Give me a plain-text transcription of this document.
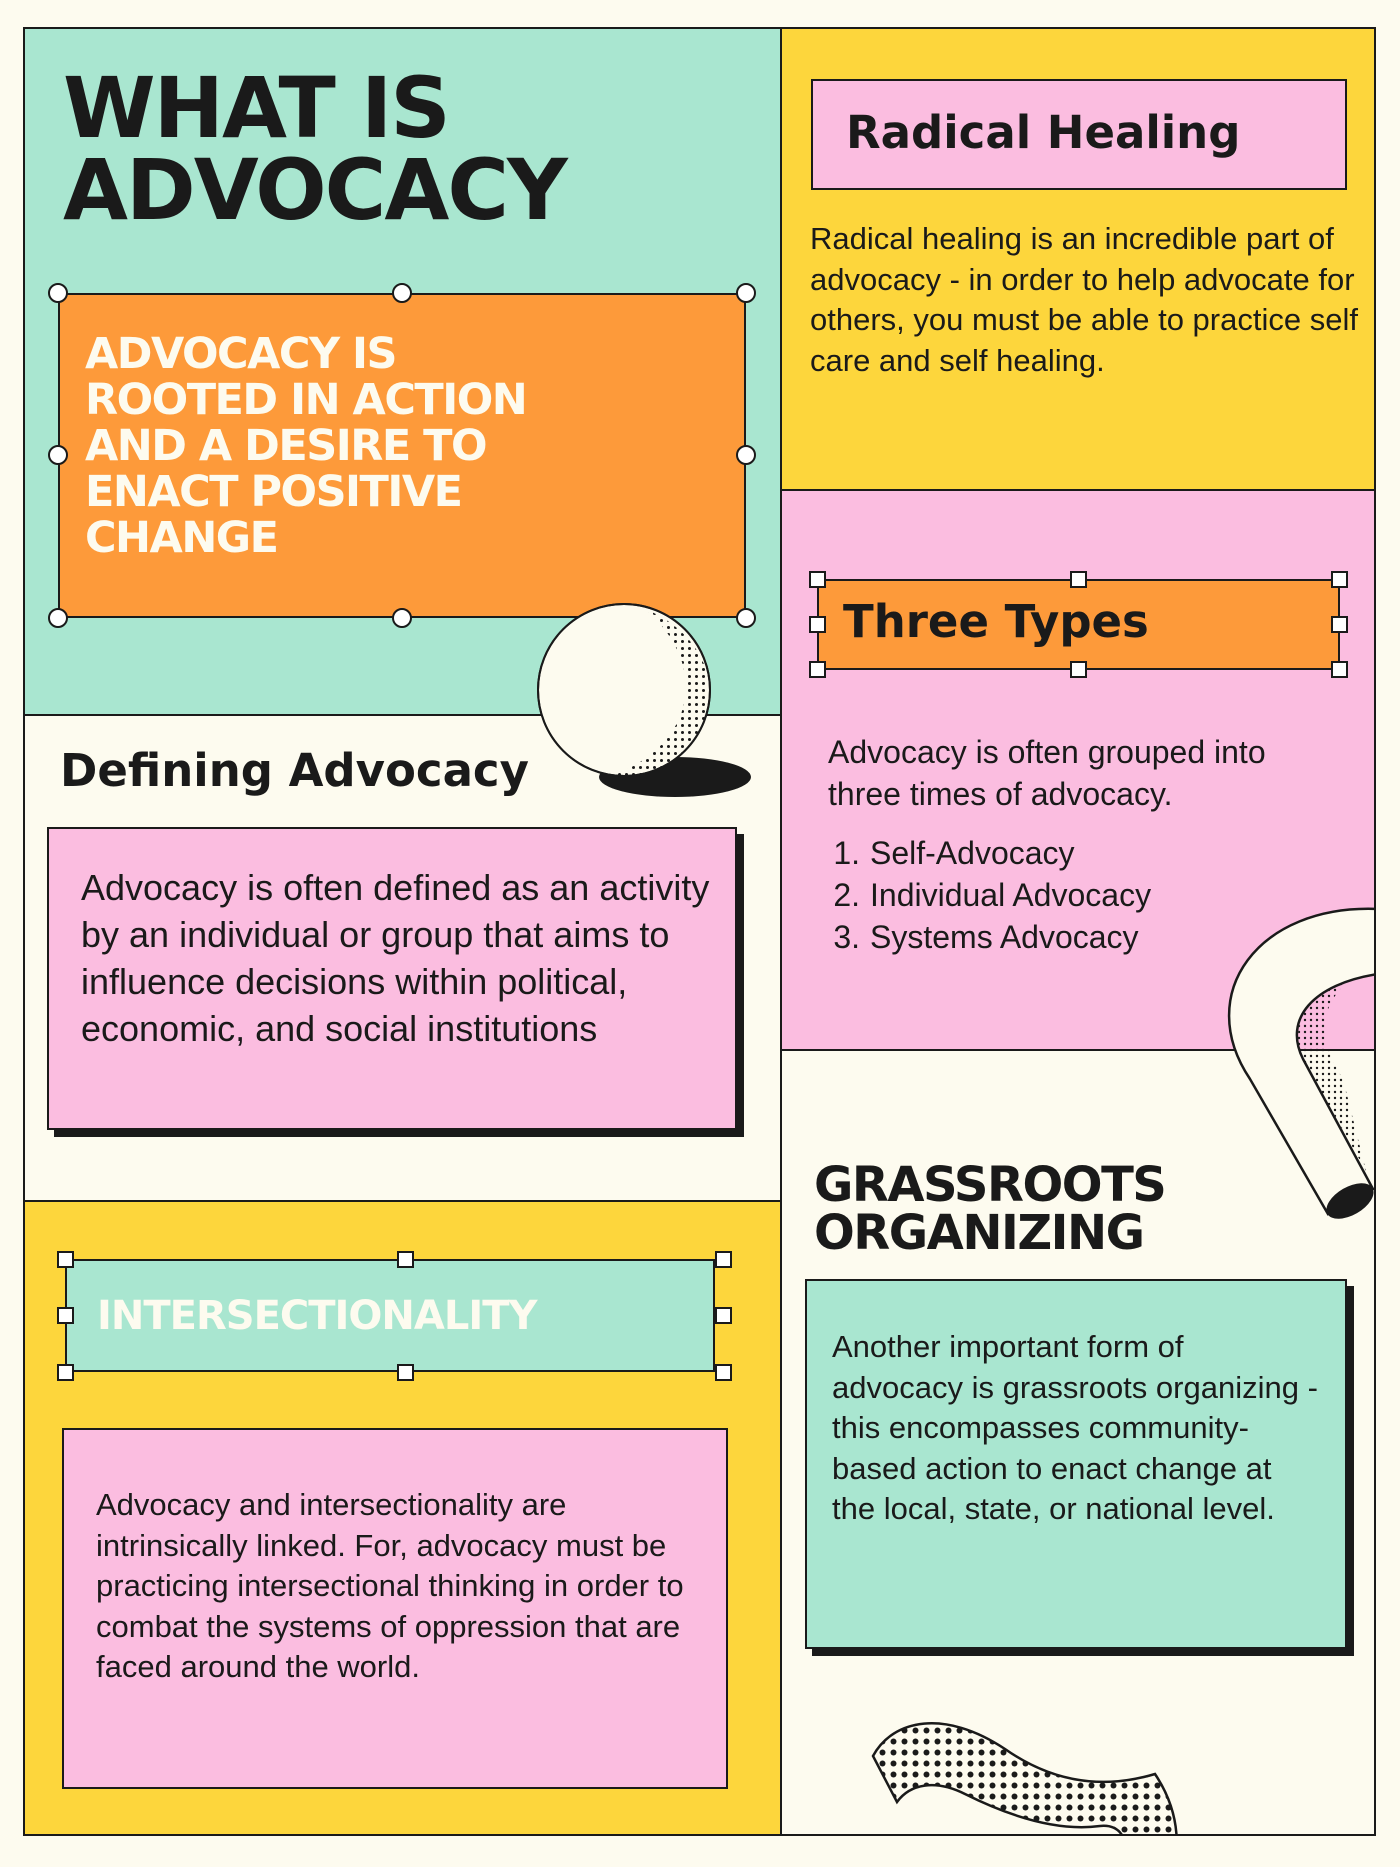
WHAT IS
ADVOCACY
ADVOCACY IS
ROOTED IN ACTION
AND A DESIRE TO
ENACT POSITIVE
CHANGE
Defining Advocacy
Advocacy is often defined as an activity by an individual or group that aims to influence decisions within political, economic, and social institutions
INTERSECTIONALITY
Advocacy and intersectionality are intrinsically linked. For, advocacy must be practicing intersectional thinking in order to combat the systems of oppression that are faced around the world.
Radical Healing
Radical healing is an incredible part of advocacy - in order to help advocate for others, you must be able to practice self care and self healing.
Three Types
Advocacy is often grouped into three times of advocacy.
1. Self-Advocacy
2. Individual Advocacy
3. Systems Advocacy
GRASSROOTS
ORGANIZING
Another important form of advocacy is grassroots organizing - this encompasses community-based action to enact change at the local, state, or national level.
